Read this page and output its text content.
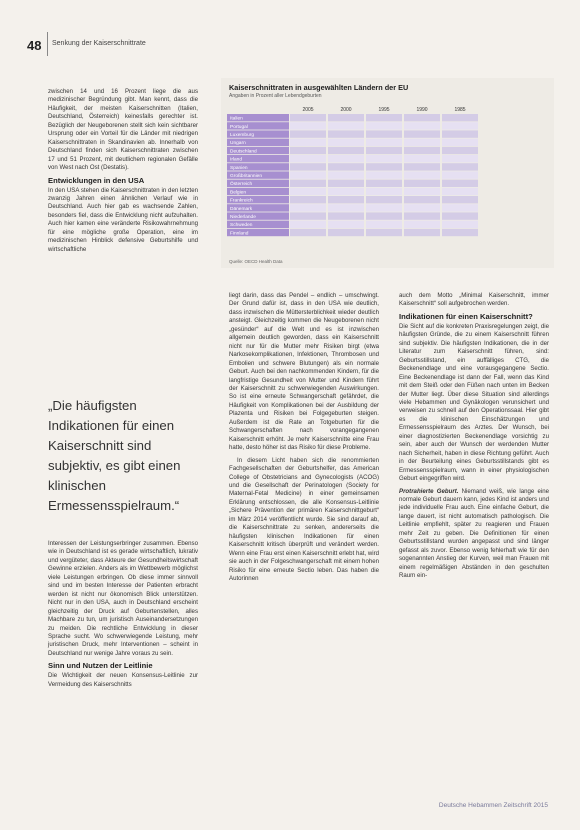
48 Senkung der Kaiserschnittrate

zwischen 14 und 16 Prozent liege die aus medizinischer Begründung gibt. Man kennt, dass die Häufigkeit, der meisten Kaiserschnitten (Italien, Deutschland, Österreich) keinesfalls gerechter ist. Bezüglich der Neugeborenen stellt sich kein sichtbarer Ursprung oder ein Vorteil für die Länder mit niedrigen Kaiserschnittraten in Skandinavien ab. Innerhalb von Deutschland finden sich Kaiserschnittraten zwischen 17 und 51 Prozent, mit deutlichem regionalen Gefälle von West nach Ost (Destatis).

Entwicklungen in den USA

In den USA stehen die Kaiserschnittraten in den letzten zwanzig Jahren einen ähnlichen Verlauf wie in Deutschland. Auch hier gab es wachsende Zahlen, besonders fiel, dass die Entwicklung nicht aufzuhalten. Auch hier kamen eine veränderte Risikowahrnehmung für eine mögliche große Operation, eine im medizinischen Hinblick defensive Geburtshilfe und wirtschaftliche

„Die häufigsten Indikationen für einen Kaiserschnitt sind subjektiv, es gibt einen klinischen Ermessensspielraum.“

Interessen der Leistungserbringer zusammen. Ebenso wie in Deutschland ist es gerade wirtschaftlich, lukrativ und vergüteter, dass Akteure der Gesundheitswirtschaft Gewinne erzielen. Anders als im Wettbewerb möglichst viele Leistungen erbringen. Ob diese immer sinnvoll sind und im besten Interesse der Patienten erbracht werden ist nicht nur ökonomisch Blick unterstützen. Nicht nur in den USA, auch in Deutschland erscheint gleichzeitig der Druck auf Geburtenstellen, alles Machbare zu tun, um juristisch Auseinandersetzungen zu meiden. Die rechtliche Entwicklung in dieser Sprache sucht. Wo schwerwiegende Leistung, mehr juristischen Druck, mehr Interventionen – scheint in Deutschland nur wenige Jahre voraus zu sein.

Sinn und Nutzen der Leitlinie

Die Wichtigkeit der neuen Konsensus-Leitlinie zur Vermeidung des Kaiserschnitts

liegt darin, dass das Pendel – endlich – umschwingt. Der Grund dafür ist, dass in den USA wie deutlich, dass inzwischen die Müttersterblichkeit wieder deutlich ansteigt. Gleichzeitig kommen die Neugeborenen nicht „gesünder“ auf die Welt und es ist inzwischen allgemein deutlich geworden, dass ein Kaiserschnitt nicht nur für die Mutter mehr Risiken birgt (etwa Narkosekomplikationen, Infektionen, Thrombosen und Embolien und schwere Blutungen) als ein normale Geburt. Auch bei den nachkommenden Kindern, für die langfristige Gesundheit von Mutter und Kindern führt der Kaiserschnitt zu schwerwiegenden Auswirkungen. So ist eine erneute Schwangerschaft gefährdet, die Häufigkeit von Komplikationen bei der Ausbildung der Plazenta und Risiken bei Folgegeburten steigen. Außerdem ist die Rate an Totgeburten für die Schwangerschaften nach vorangegangenen Kaiserschnitt erhöht. Je mehr Kaiserschnitte eine Frau hatte, desto höher ist das Risiko für diese Probleme.

In diesem Licht haben sich die renommierten Fachgesellschaften der Geburtshelfer, das American College of Obstetricians and Gynecologists (ACOG) und die Gesellschaft der Perinatologen (Society for Maternal-Fetal Medicine) in einer gemeinsamen Erklärung entschlossen, die alle Konsensus-Leitlinie „Sichere Prävention der primären Kaiserschnittgeburt“ im März 2014 veröffentlicht wurde. Sie sind darauf ab, die Kaiserschnittrate zu senken, andererseits die häufigsten klinischen Indikationen für einen Kaiserschnitt kritisch überprüft und verändert werden. Wenn eine Frau erst einen Kaiserschnitt erlebt hat, wird sie auch in der Folgeschwangerschaft mit einem hohen Risiko für eine erneute Sectio leben. Das haben die Autorinnen

auch dem Motto „Minimal Kaiserschnitt, immer Kaiserschnitt“ soll aufgebrochen werden.

Indikationen für einen Kaiserschnitt?

Die Sicht auf die konkreten Praxisregelungen zeigt, die häufigsten Gründe, die zu einem Kaiserschnitt führen sind subjektiv. Die häufigsten Indikationen, die in der Literatur zum Kaiserschnitt führen, sind: Geburtsstillstand, ein auffälliges CTG, die Beckenendlage und eine vorausgegangene Sectio. Eine Beckenendlage ist dann der Fall, wenn das Kind mit dem Steiß oder den Füßen nach unten im Becken der Mutter liegt. Über diese Situation sind allerdings viele Hebammen und Gynäkologen verunsichert und verweisen zu schnell auf den Operationssaal. Hier gibt es die klinischen Einschätzungen und Ermessensspielraum des Arztes. Der Wunsch, bei einer diagnostizierten Beckenendlage vorsichtig zu sein, aber auch der Wunsch der werdenden Mutter nach Sicherheit, haben in diese Richtung geführt. Auch in der Beurteilung eines Geburtsstillstands gibt es Ermessensspielraum, wann in einer physiologischen Geburt eingegriffen wird.

Protrahierte Geburt. Niemand weiß, wie lange eine normale Geburt dauern kann, jedes Kind ist anders und jede individuelle Frau auch. Eine einfache Geburt, die lange dauert, ist nicht automatisch pathologisch. Die Leitlinie empfiehlt, später zu reagieren und Frauen mehr Zeit zu geben. Die Definitionen für einen Geburtsstillstand wurden angepasst und sind länger gefasst als zuvor. Ebenso wenig fehlerhaft wie für den sogenannten Anstieg der Kurven, weil man Frauen mit einem regelmäßigen Abständen in den geschulten Raum ein-

Kaiserschnittraten in ausgewählten Ländern der EU
Angaben in Prozent aller Lebendgeburten
2005	2000	1995	1990	1985
Italien
Portugal
Luxemburg
Ungarn
Deutschland
Irland
Spanien
Großbritannien
Österreich
Belgien
Frankreich
Dänemark
Niederlande
Schweden
Finnland
Quelle: OECD Health Data
Deutsche Hebammen Zeitschrift 2015
